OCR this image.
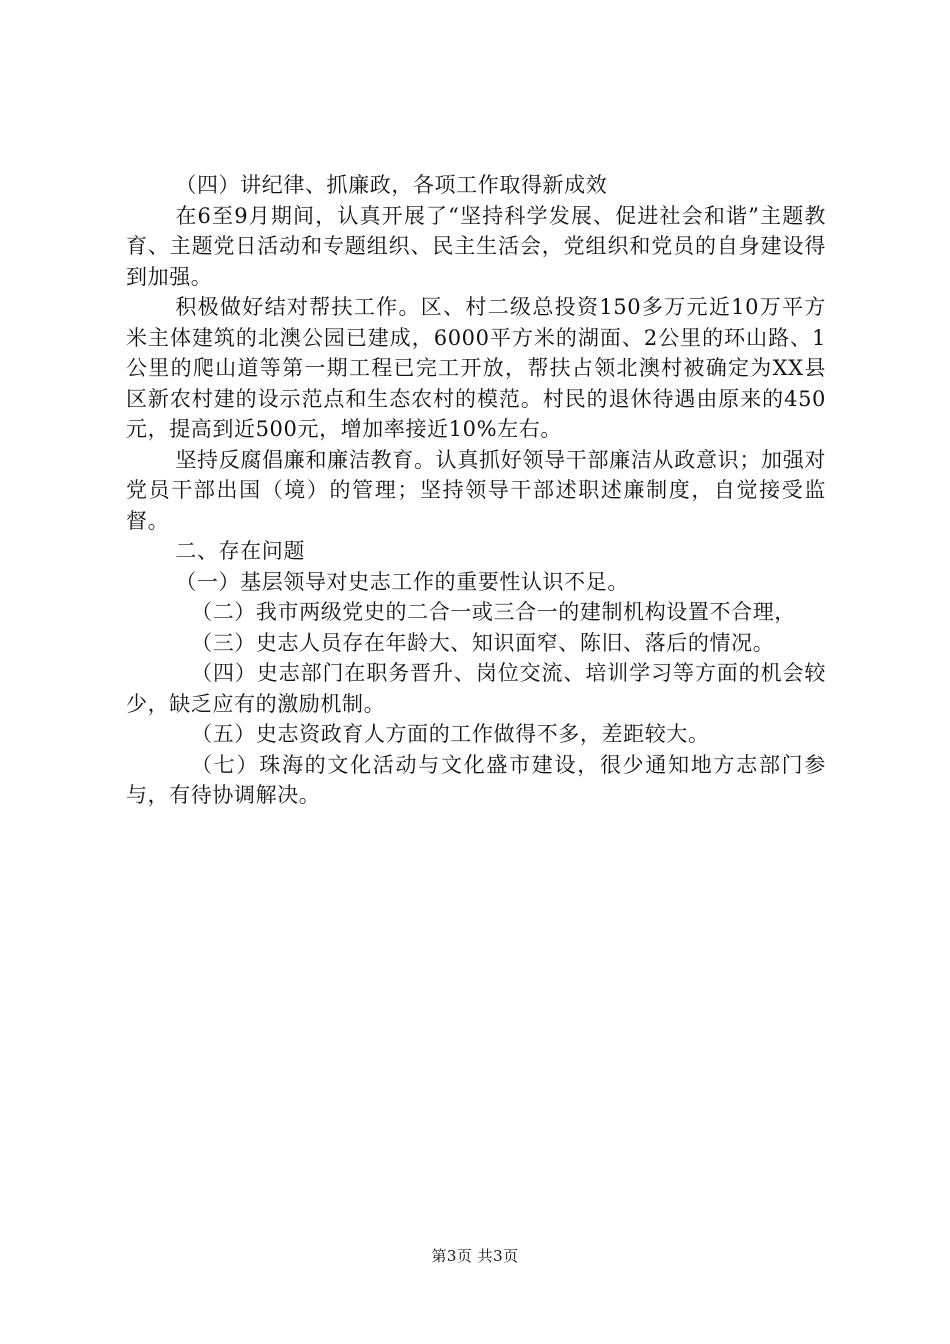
（四）讲纪律、抓廉政，各项工作取得新成效

在6至9月期间，认真开展了“坚持科学发展、促进社会和谐”主题教育、主题党日活动和专题组织、民主生活会，党组织和党员的自身建设得到加强。

积极做好结对帮扶工作。区、村二级总投资150多万元近10万平方米主体建筑的北澳公园已建成，6000平方米的湖面、2公里的环山路、1公里的爬山道等第一期工程已完工开放，帮扶占领北澳村被确定为XX县区新农村建的设示范点和生态农村的模范。村民的退休待遇由原来的450元，提高到近500元，增加率接近10%左右。

坚持反腐倡廉和廉洁教育。认真抓好领导干部廉洁从政意识；加强对党员干部出国（境）的管理；坚持领导干部述职述廉制度，自觉接受监督。

二、存在问题

（一）基层领导对史志工作的重要性认识不足。

（二）我市两级党史的二合一或三合一的建制机构设置不合理，

（三）史志人员存在年龄大、知识面窄、陈旧、落后的情况。

（四）史志部门在职务晋升、岗位交流、培训学习等方面的机会较少，缺乏应有的激励机制。

（五）史志资政育人方面的工作做得不多，差距较大。

（七）珠海的文化活动与文化盛市建设，很少通知地方志部门参与，有待协调解决。

第3页 共3页
